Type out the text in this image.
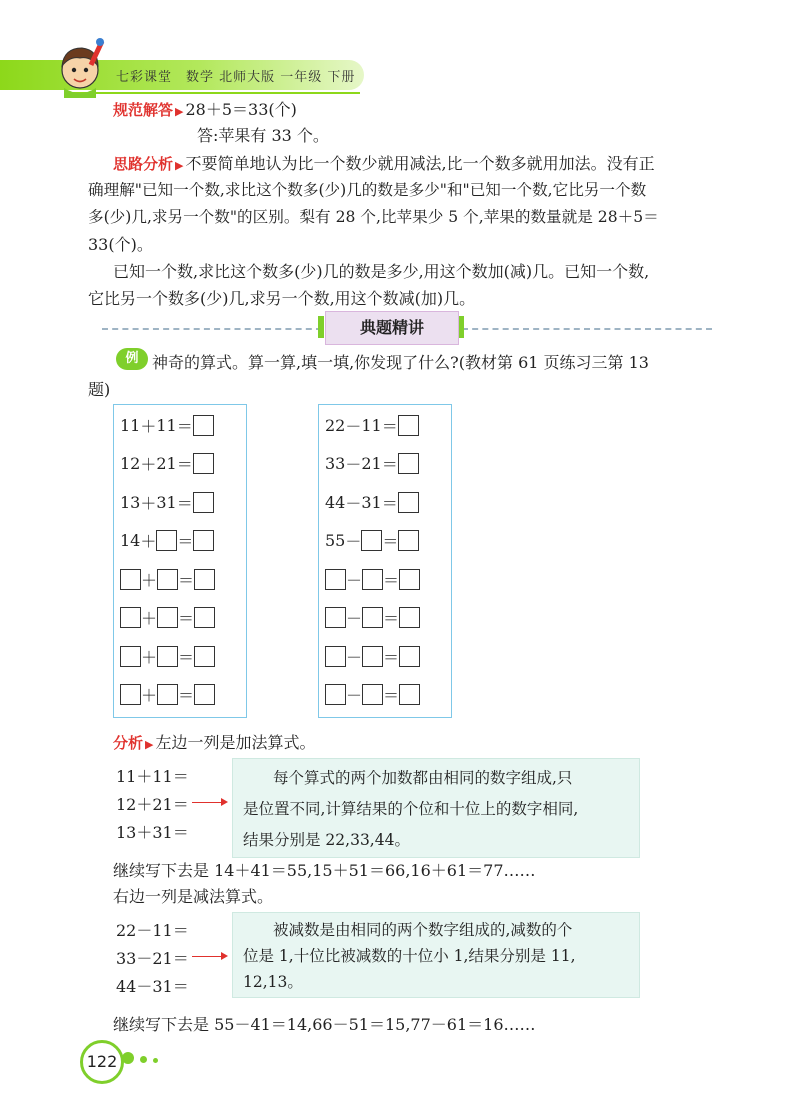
七彩课堂　数学 北师大版 一年级 下册
规范解答 ▶ 28＋5＝33(个)
答:苹果有 33 个。
思路分析 ▶ 不要简单地认为比一个数少就用减法,比一个数多就用加法。没有正
确理解"已知一个数,求比这个数多(少)几的数是多少"和"已知一个数,它比另一个数
多(少)几,求另一个数"的区别。梨有 28 个,比苹果少 5 个,苹果的数量就是 28＋5＝
33(个)。
已知一个数,求比这个数多(少)几的数是多少,用这个数加(减)几。已知一个数,
它比另一个数多(少)几,求另一个数,用这个数减(加)几。
典题精讲
例 神奇的算式。算一算,填一填,你发现了什么?(教材第 61 页练习三第 13
题)
11 ＋ 11 ＝
12 ＋ 21 ＝
13 ＋ 31 ＝
14 ＋ ＝
＋ ＝
＋ ＝
＋ ＝
＋ ＝
22 － 11 ＝
33 － 21 ＝
44 － 31 ＝
55 － ＝
－ ＝
－ ＝
－ ＝
－ ＝
分析 ▶ 左边一列是加法算式。
11＋11＝
12＋21＝
13＋31＝
每个算式的两个加数都由相同的数字组成,只
是位置不同,计算结果的个位和十位上的数字相同,
结果分别是 22,33,44。
继续写下去是 14＋41＝55,15＋51＝66,16＋61＝77……
右边一列是减法算式。
22－11＝
33－21＝
44－31＝
被减数是由相同的两个数字组成的,减数的个
位是 1,十位比被减数的十位小 1,结果分别是 11,
12,13。
继续写下去是 55－41＝14,66－51＝15,77－61＝16……
122
